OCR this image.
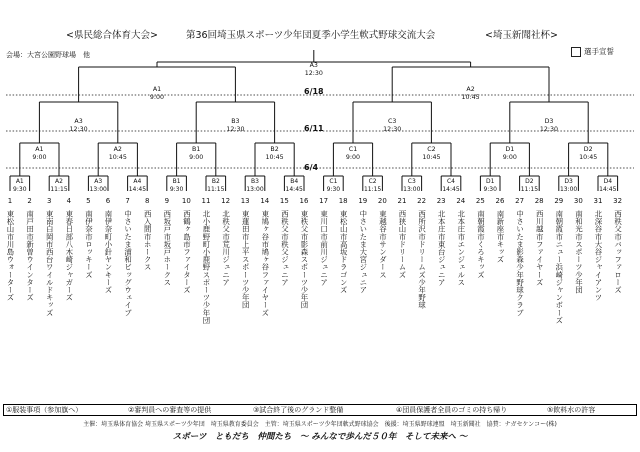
<県民総合体育大会>	第36回埼玉県スポーツ少年団夏季小学生軟式野球交流大会	<埼玉新聞社杯>
会場：大宮公園野球場　他	選手宣誓
6/18
6/11
6/4
A3
12:30
A1
9:00
A2
10:45
A3
12:30
B3
12:30
C3
12:30
D3
12:30
A1
9:00
A2
10:45
B1
9:00
B2
10:45
C1
9:00
C2
10:45
D1
9:00
D2
10:45
A1
9:30
A2
11:15
A3
13:00
A4
14:45
B1
9:30
B2
11:15
B3
13:00
B4
14:45
C1
9:30
C2
11:15
C3
13:00
C4
14:45
D1
9:30
D2
11:15
D3
13:00
D4
14:45
1
東松山市川島ウォーターズ
2
南戸田市新曽ウインターズ
3
東南白岡市西台ワイルドキッズ
4
東春日部八木崎ジャガーズ
5
南伊奈市ロッキーズ
6
南伊奈町小針ヤンキーズ
7
中さいたま浦和ビッグウェイブ
8
西入間市ホークス
9
西坂戸市坂戸ホークス
10
西鶴ヶ島市ファイターズ
11
北小鹿野町小鹿野スポーツ少年団
12
北秩父市荒川ジュニア
13
東蓮田市上平スポーツ少年団
14
東鳩ヶ谷市鳩ヶ谷ファイヤーズ
15
西秩父市秩父ジュニア
16
東秩父市影森スポーツ少年団
17
東川口市前川ジュニア
18
東松山市高坂ドラゴンズ
19
中さいたま大宮ジュニア
20
東越谷市サンダース
21
西狭山市ドリームズ
22
西所沢市ドリームズ少年野球
23
北本庄市東台ジュニア
24
北本庄市エンジェルス
25
南朝霞市くろキッズ
26
南新座市キッズ
27
中さいたま影森少年野球クラブ
28
西川越市ファイヤーズ
29
南朝霞市ニュー浜崎ジャンボーズ
30
南和光市スポーツ少年団
31
北深谷市大谷ジャイアンツ
32
西秩父市バッファローズ
①服装事項（参加旗へ）	②審判員への審査等の提供	③試合終了後のグランド整備	④団員保護者全員のゴミの持ち帰り	⑤飲料水の許容
主催：埼玉県体育協会 埼玉県スポーツ少年団　埼玉県教育委員会　主管：埼玉県スポーツ少年団軟式野球協会　後援：埼玉県野球連盟　埼玉新聞社　協賛：ナガセケンコー(株)
スポーツ　ともだち　仲間たち　〜 みんなで歩んだ５０年　そして未来へ 〜
